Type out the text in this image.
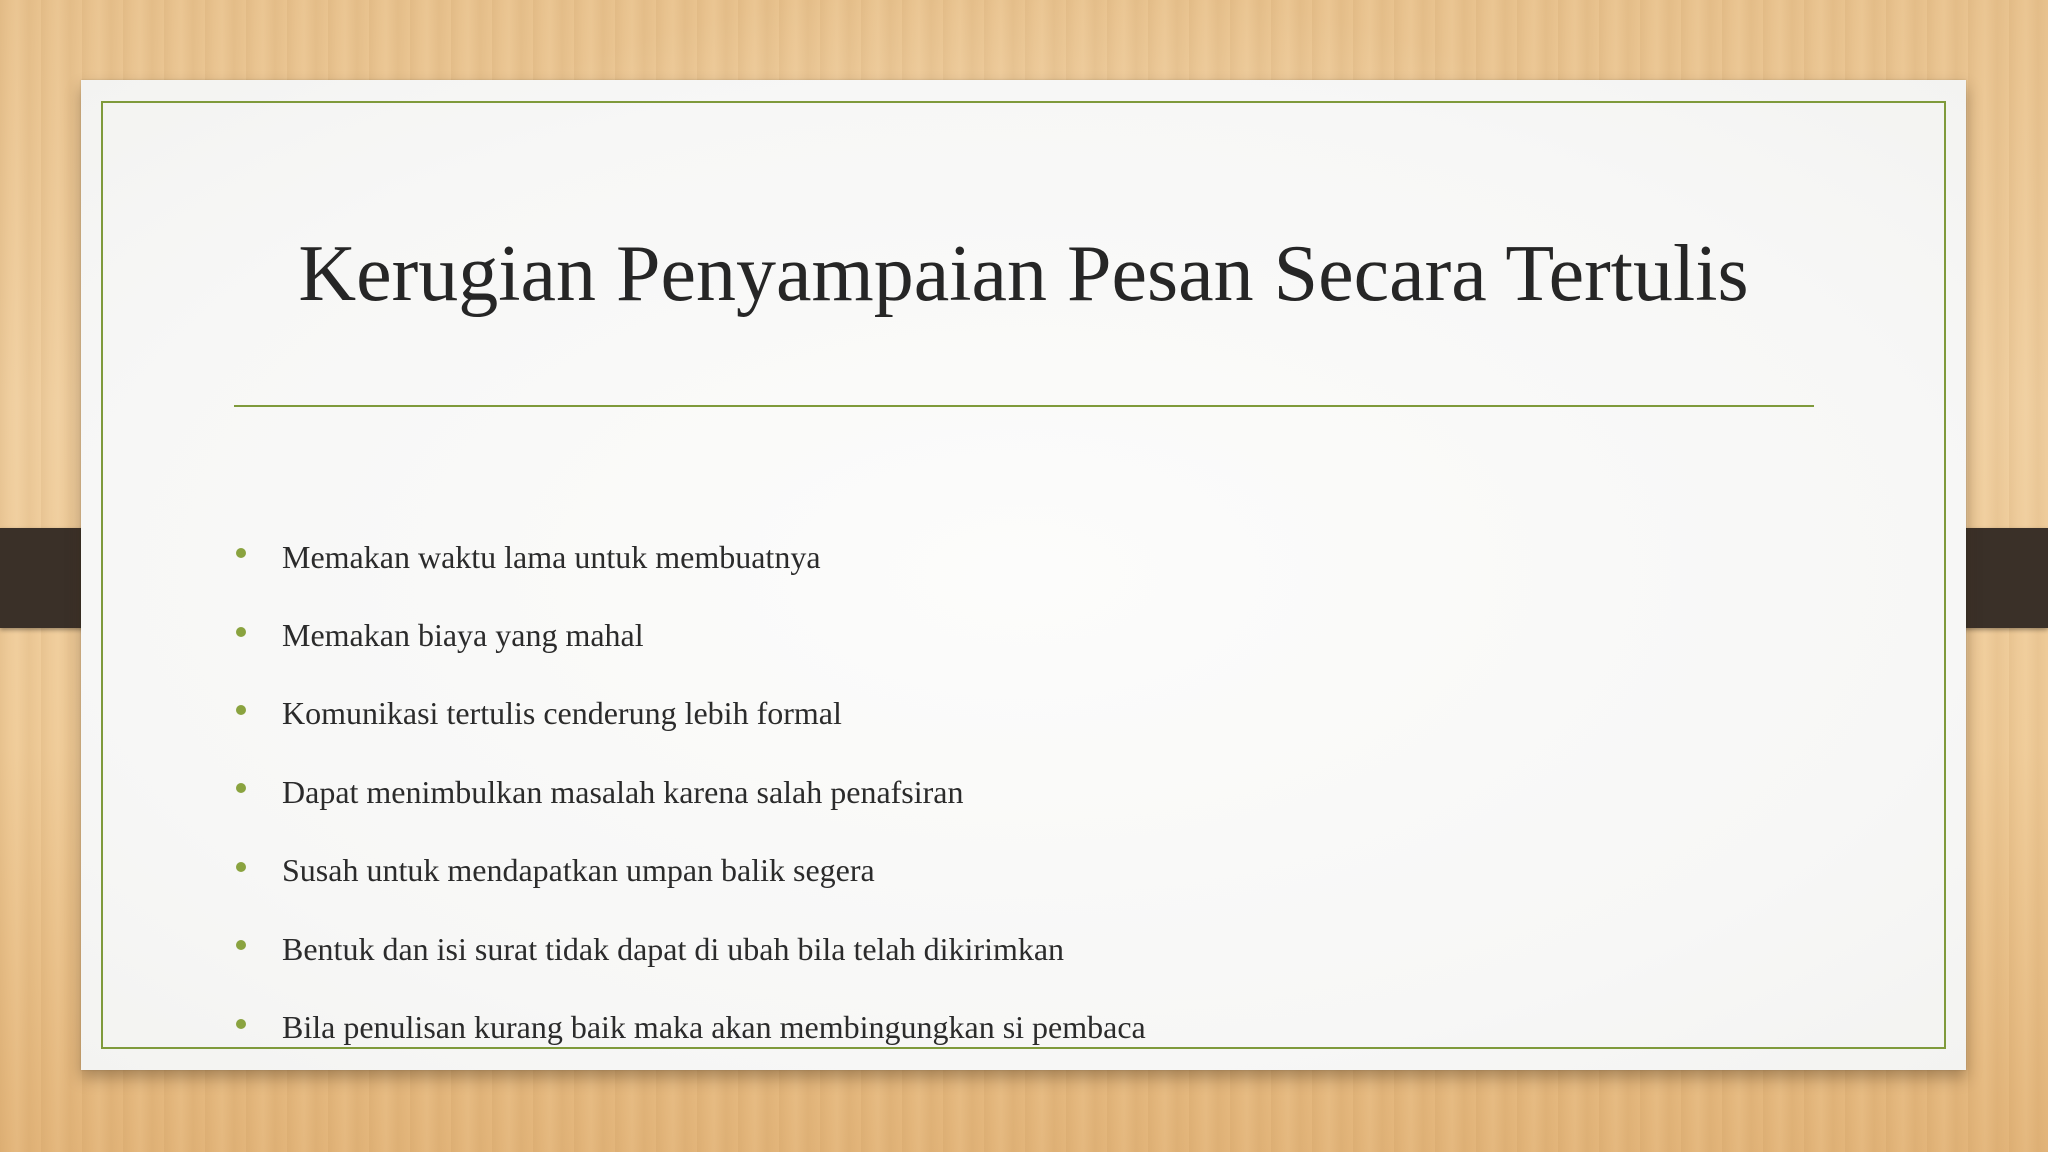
Kerugian Penyampaian Pesan Secara Tertulis
Memakan waktu lama untuk membuatnya
Memakan biaya yang mahal
Komunikasi tertulis cenderung lebih formal
Dapat menimbulkan masalah karena salah penafsiran
Susah untuk mendapatkan umpan balik segera
Bentuk dan isi surat tidak dapat di ubah bila telah dikirimkan
Bila penulisan kurang baik maka akan membingungkan si pembaca
